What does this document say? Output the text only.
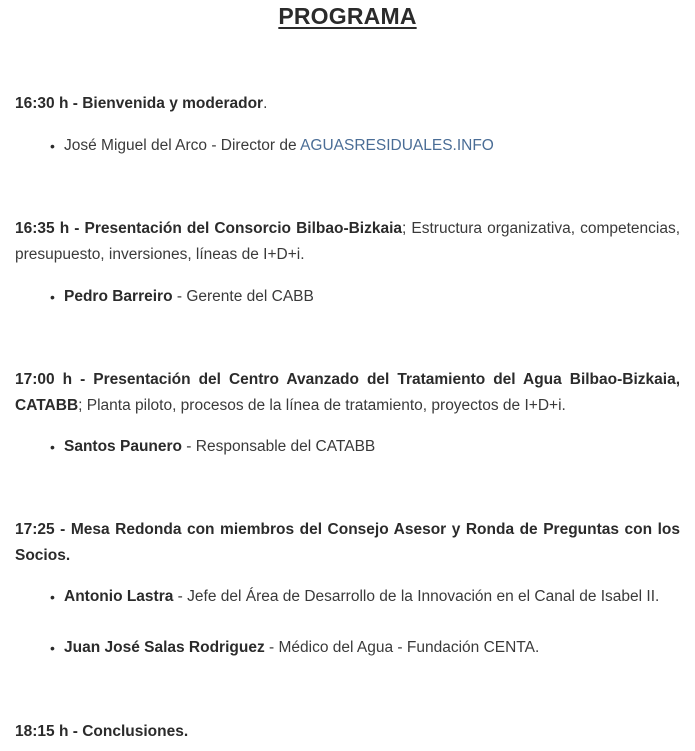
PROGRAMA
16:30 h - Bienvenida y moderador.
• José Miguel del Arco - Director de AGUASRESIDUALES.INFO
16:35 h - Presentación del Consorcio Bilbao-Bizkaia; Estructura organizativa, competencias, presupuesto, inversiones, líneas de I+D+i.
• Pedro Barreiro - Gerente del CABB
17:00 h - Presentación del Centro Avanzado del Tratamiento del Agua Bilbao-Bizkaia, CATABB; Planta piloto, procesos de la línea de tratamiento, proyectos de I+D+i.
• Santos Paunero - Responsable del CATABB
17:25 - Mesa Redonda con miembros del Consejo Asesor y Ronda de Preguntas con los Socios.
• Antonio Lastra - Jefe del Área de Desarrollo de la Innovación en el Canal de Isabel II.
• Juan José Salas Rodriguez - Médico del Agua - Fundación CENTA.
18:15 h - Conclusiones.
